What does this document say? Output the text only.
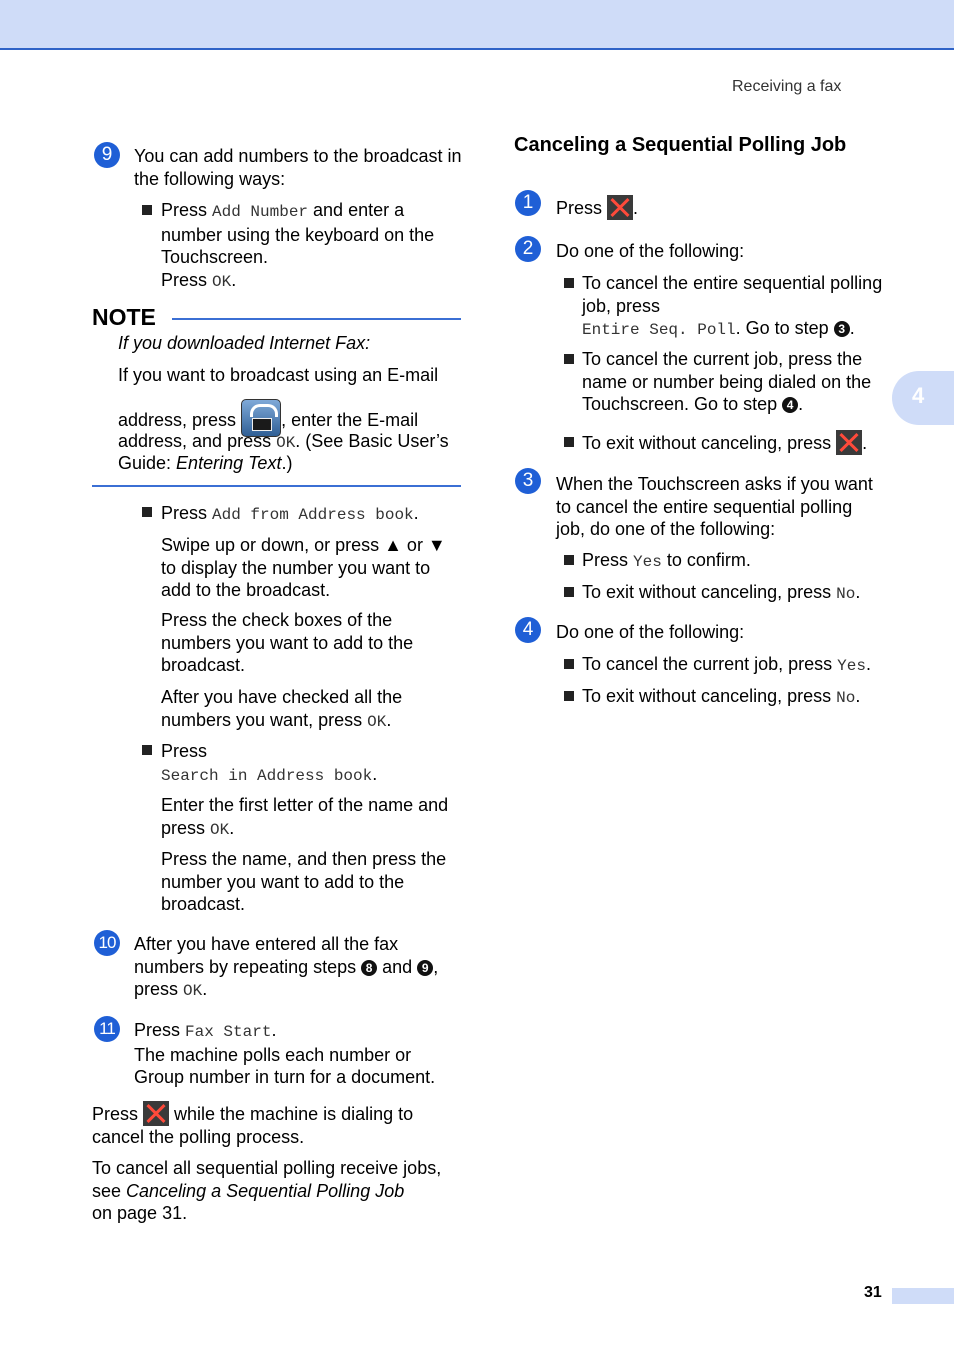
Receiving a fax
9	You can add numbers to the broadcast in the following ways:
Press Add Number and enter a number using the keyboard on the Touchscreen.
Press OK.
NOTE
If you downloaded Internet Fax:
If you want to broadcast using an E-mail
address, press
, enter the E-mail
address, and press OK. (See Basic User’s
Guide: Entering Text.)
Press Add from Address book.
Swipe up or down, or press ▲ or ▼ to display the number you want to add to the broadcast.
Press the check boxes of the numbers you want to add to the broadcast.
After you have checked all the numbers you want, press OK.
Press
Search in Address book.
Enter the first letter of the name and press OK.
Press the name, and then press the number you want to add to the broadcast.
10 After you have entered all the fax numbers by repeating steps 8 and 9 ,
press OK.
11 Press Fax Start.
The machine polls each number or Group number in turn for a document.
Press  while the machine is dialing to cancel the polling process.
To cancel all sequential polling receive jobs, see Canceling a Sequential Polling Job
on page 31.
Canceling a Sequential Polling Job
1	Press .
2	Do one of the following:
To cancel the entire sequential polling job, press
Entire Seq. Poll. Go to step 3 .
To cancel the current job, press the name or number being dialed on the Touchscreen. Go to step 4 .
To exit without canceling, press .
3	When the Touchscreen asks if you want to cancel the entire sequential polling job, do one of the following:
Press Yes to confirm.
To exit without canceling, press No.
4	Do one of the following:
To cancel the current job, press Yes.
To exit without canceling, press No.
4
31
